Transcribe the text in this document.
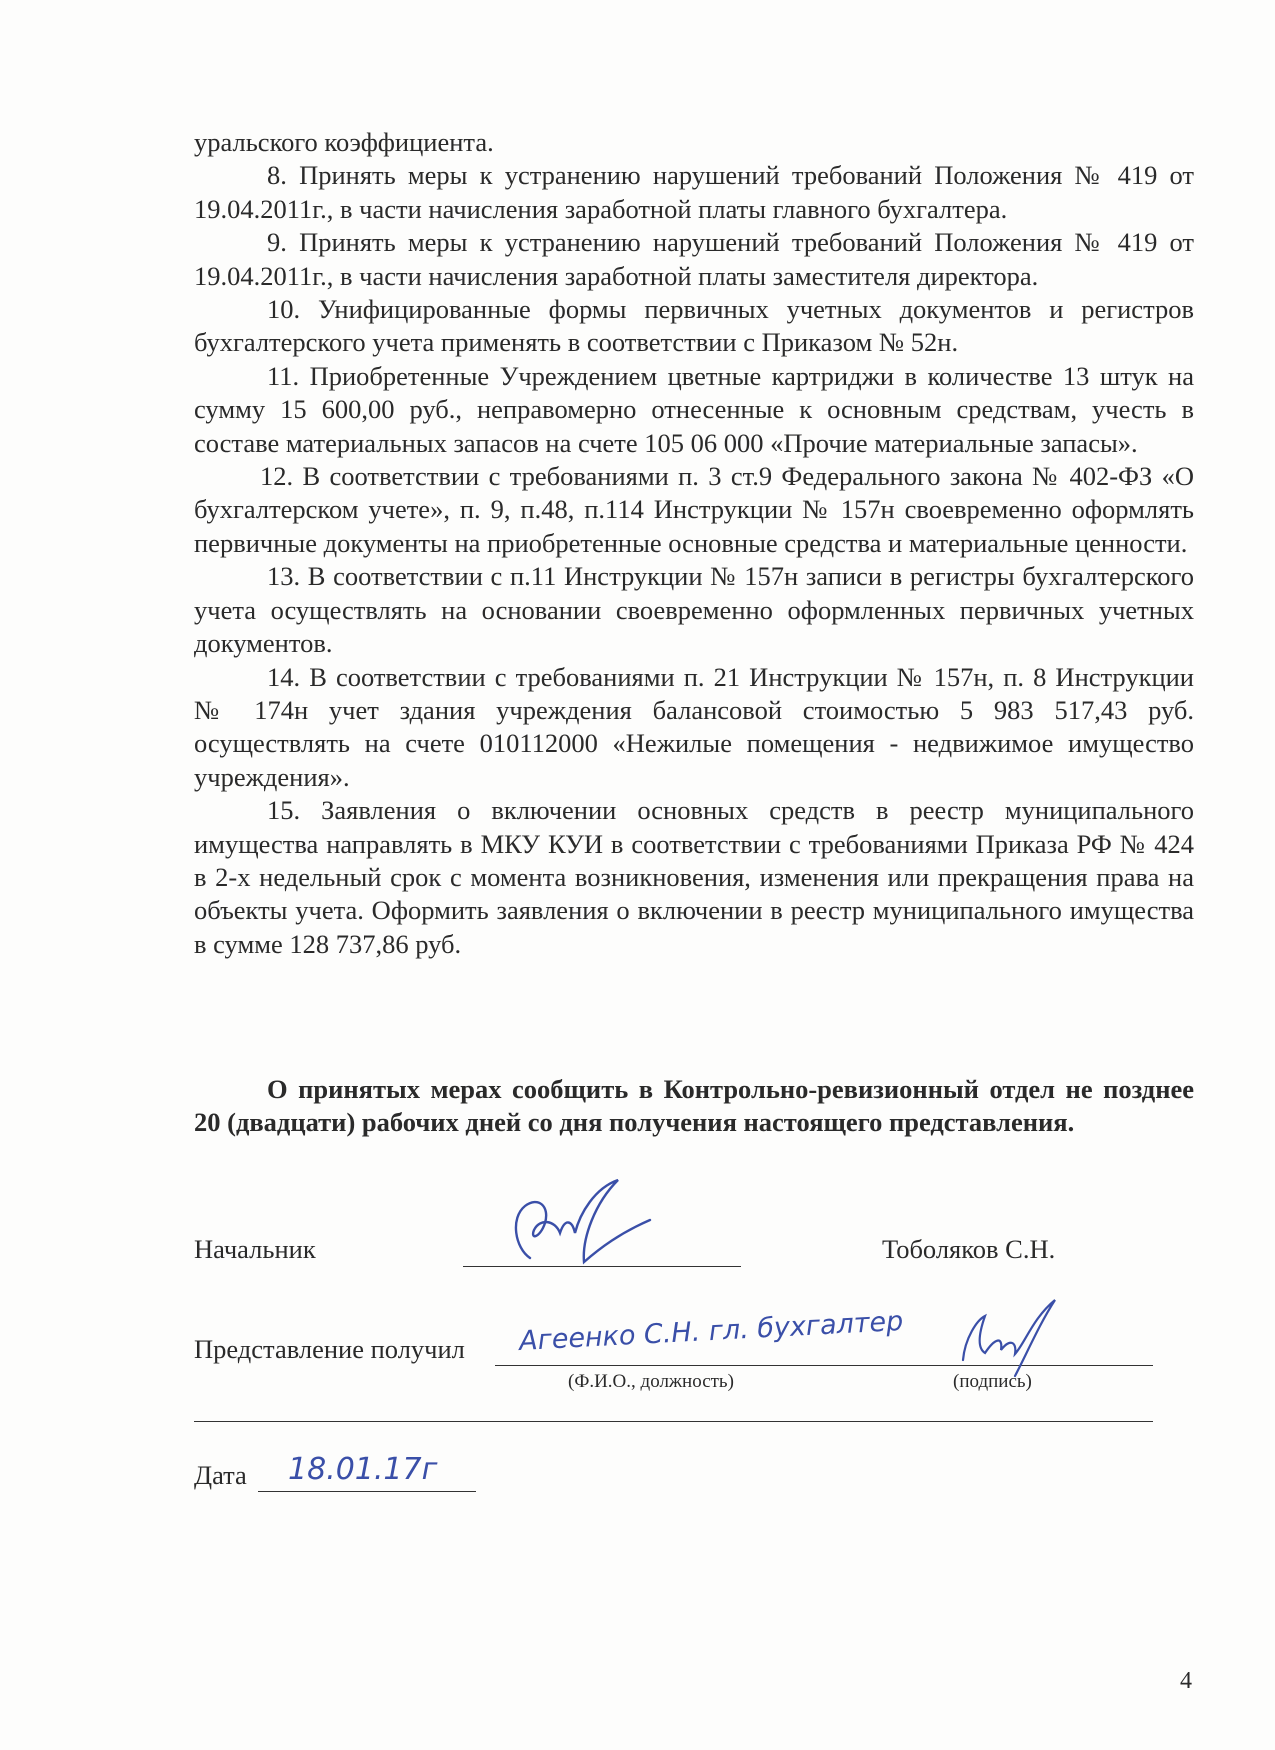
уральского коэффициента.

8. Принять меры к устранению нарушений требований Положения № 419 от 19.04.2011г., в части начисления заработной платы главного бухгалтера.

9. Принять меры к устранению нарушений требований Положения № 419 от 19.04.2011г., в части начисления заработной платы заместителя директора.

10. Унифицированные формы первичных учетных документов и регистров бухгалтерского учета применять в соответствии с Приказом № 52н.

11. Приобретенные Учреждением цветные картриджи в количестве 13 штук на сумму 15 600,00 руб., неправомерно отнесенные к основным средствам, учесть в составе материальных запасов на счете 105 06 000 «Прочие материальные запасы».

12. В соответствии с требованиями п. 3 ст.9 Федерального закона № 402-ФЗ «О бухгалтерском учете», п. 9, п.48, п.114 Инструкции № 157н своевременно оформлять первичные документы на приобретенные основные средства и материальные ценности.

13. В соответствии с п.11 Инструкции № 157н записи в регистры бухгалтерского учета осуществлять на основании своевременно оформленных первичных учетных документов.

14. В соответствии с требованиями п. 21 Инструкции № 157н, п. 8 Инструкции № 174н учет здания учреждения балансовой стоимостью 5 983 517,43 руб. осуществлять на счете 010112000 «Нежилые помещения - недвижимое имущество учреждения».

15. Заявления о включении основных средств в реестр муниципального имущества направлять в МКУ КУИ в соответствии с требованиями Приказа РФ № 424 в 2-х недельный срок с момента возникновения, изменения или прекращения права на объекты учета. Оформить заявления о включении в реестр муниципального имущества в сумме 128 737,86 руб.

О принятых мерах сообщить в Контрольно-ревизионный отдел не позднее 20 (двадцати) рабочих дней со дня получения настоящего представления.

Начальник	Тоболяков С.Н.
Представление получил Агеенко С.Н. гл. бухгалтер
(Ф.И.О., должность)	(подпись)
Дата 18.01.17г
4
